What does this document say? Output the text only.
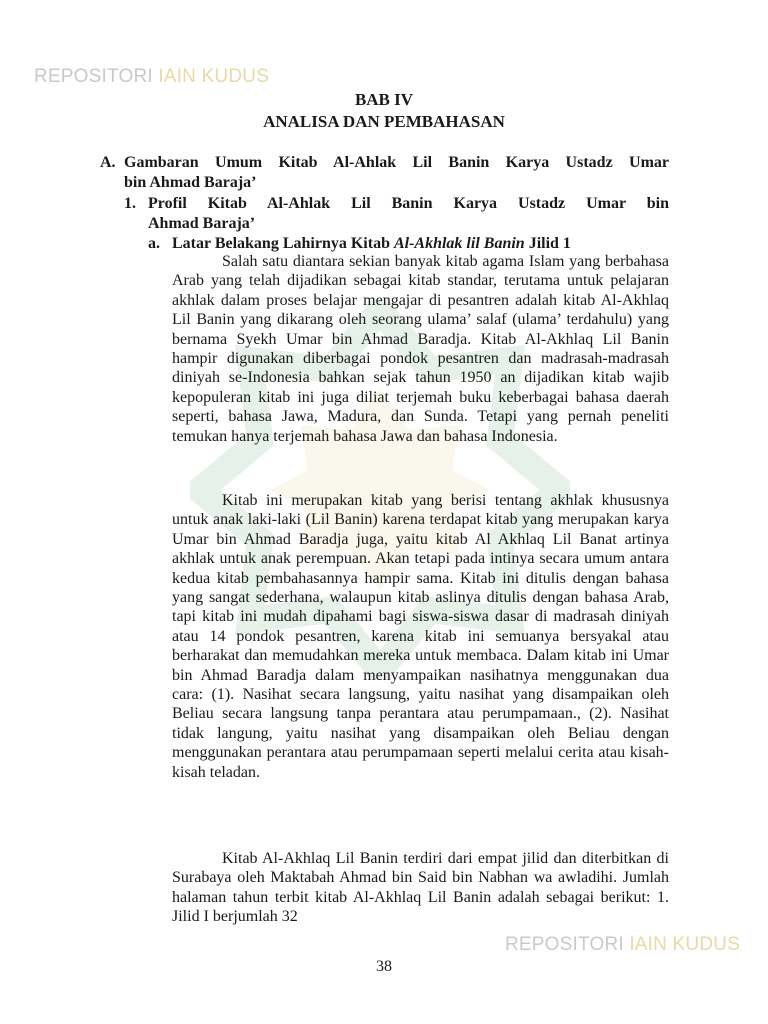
REPOSITORI IAIN KUDUS
BAB IV
ANALISA DAN PEMBAHASAN
A. Gambaran Umum Kitab Al-Ahlak Lil Banin Karya Ustadz Umar
bin Ahmad Baraja’
1. Profil Kitab Al-Ahlak Lil Banin Karya Ustadz Umar bin
Ahmad Baraja’
a. Latar Belakang Lahirnya Kitab Al-Akhlak lil Banin Jilid 1
Salah satu diantara sekian banyak kitab agama Islam yang berbahasa Arab yang telah dijadikan sebagai kitab standar, terutama untuk pelajaran akhlak dalam proses belajar mengajar di pesantren adalah kitab Al-Akhlaq Lil Banin yang dikarang oleh seorang ulama’ salaf (ulama’ terdahulu) yang bernama Syekh Umar bin Ahmad Baradja. Kitab Al-Akhlaq Lil Banin hampir digunakan diberbagai pondok pesantren dan madrasah-madrasah diniyah se-Indonesia bahkan sejak tahun 1950 an dijadikan kitab wajib kepopuleran kitab ini juga diliat terjemah buku keberbagai bahasa daerah seperti, bahasa Jawa, Madura, dan Sunda. Tetapi yang pernah peneliti temukan hanya terjemah bahasa Jawa dan bahasa Indonesia.
Kitab ini merupakan kitab yang berisi tentang akhlak khususnya untuk anak laki-laki (Lil Banin) karena terdapat kitab yang merupakan karya Umar bin Ahmad Baradja juga, yaitu kitab Al Akhlaq Lil Banat artinya akhlak untuk anak perempuan. Akan tetapi pada intinya secara umum antara kedua kitab pembahasannya hampir sama. Kitab ini ditulis dengan bahasa yang sangat sederhana, walaupun kitab aslinya ditulis dengan bahasa Arab, tapi kitab ini mudah dipahami bagi siswa-siswa dasar di madrasah diniyah atau 14 pondok pesantren, karena kitab ini semuanya bersyakal atau berharakat dan memudahkan mereka untuk membaca. Dalam kitab ini Umar bin Ahmad Baradja dalam menyampaikan nasihatnya menggunakan dua cara: (1). Nasihat secara langsung, yaitu nasihat yang disampaikan oleh Beliau secara langsung tanpa perantara atau perumpamaan., (2). Nasihat tidak langung, yaitu nasihat yang disampaikan oleh Beliau dengan menggunakan perantara atau perumpamaan seperti melalui cerita atau kisah-kisah teladan.
Kitab Al-Akhlaq Lil Banin terdiri dari empat jilid dan diterbitkan di Surabaya oleh Maktabah Ahmad bin Said bin Nabhan wa awladihi. Jumlah halaman tahun terbit kitab Al-Akhlaq Lil Banin adalah sebagai berikut: 1. Jilid I berjumlah 32
REPOSITORI IAIN KUDUS
38
